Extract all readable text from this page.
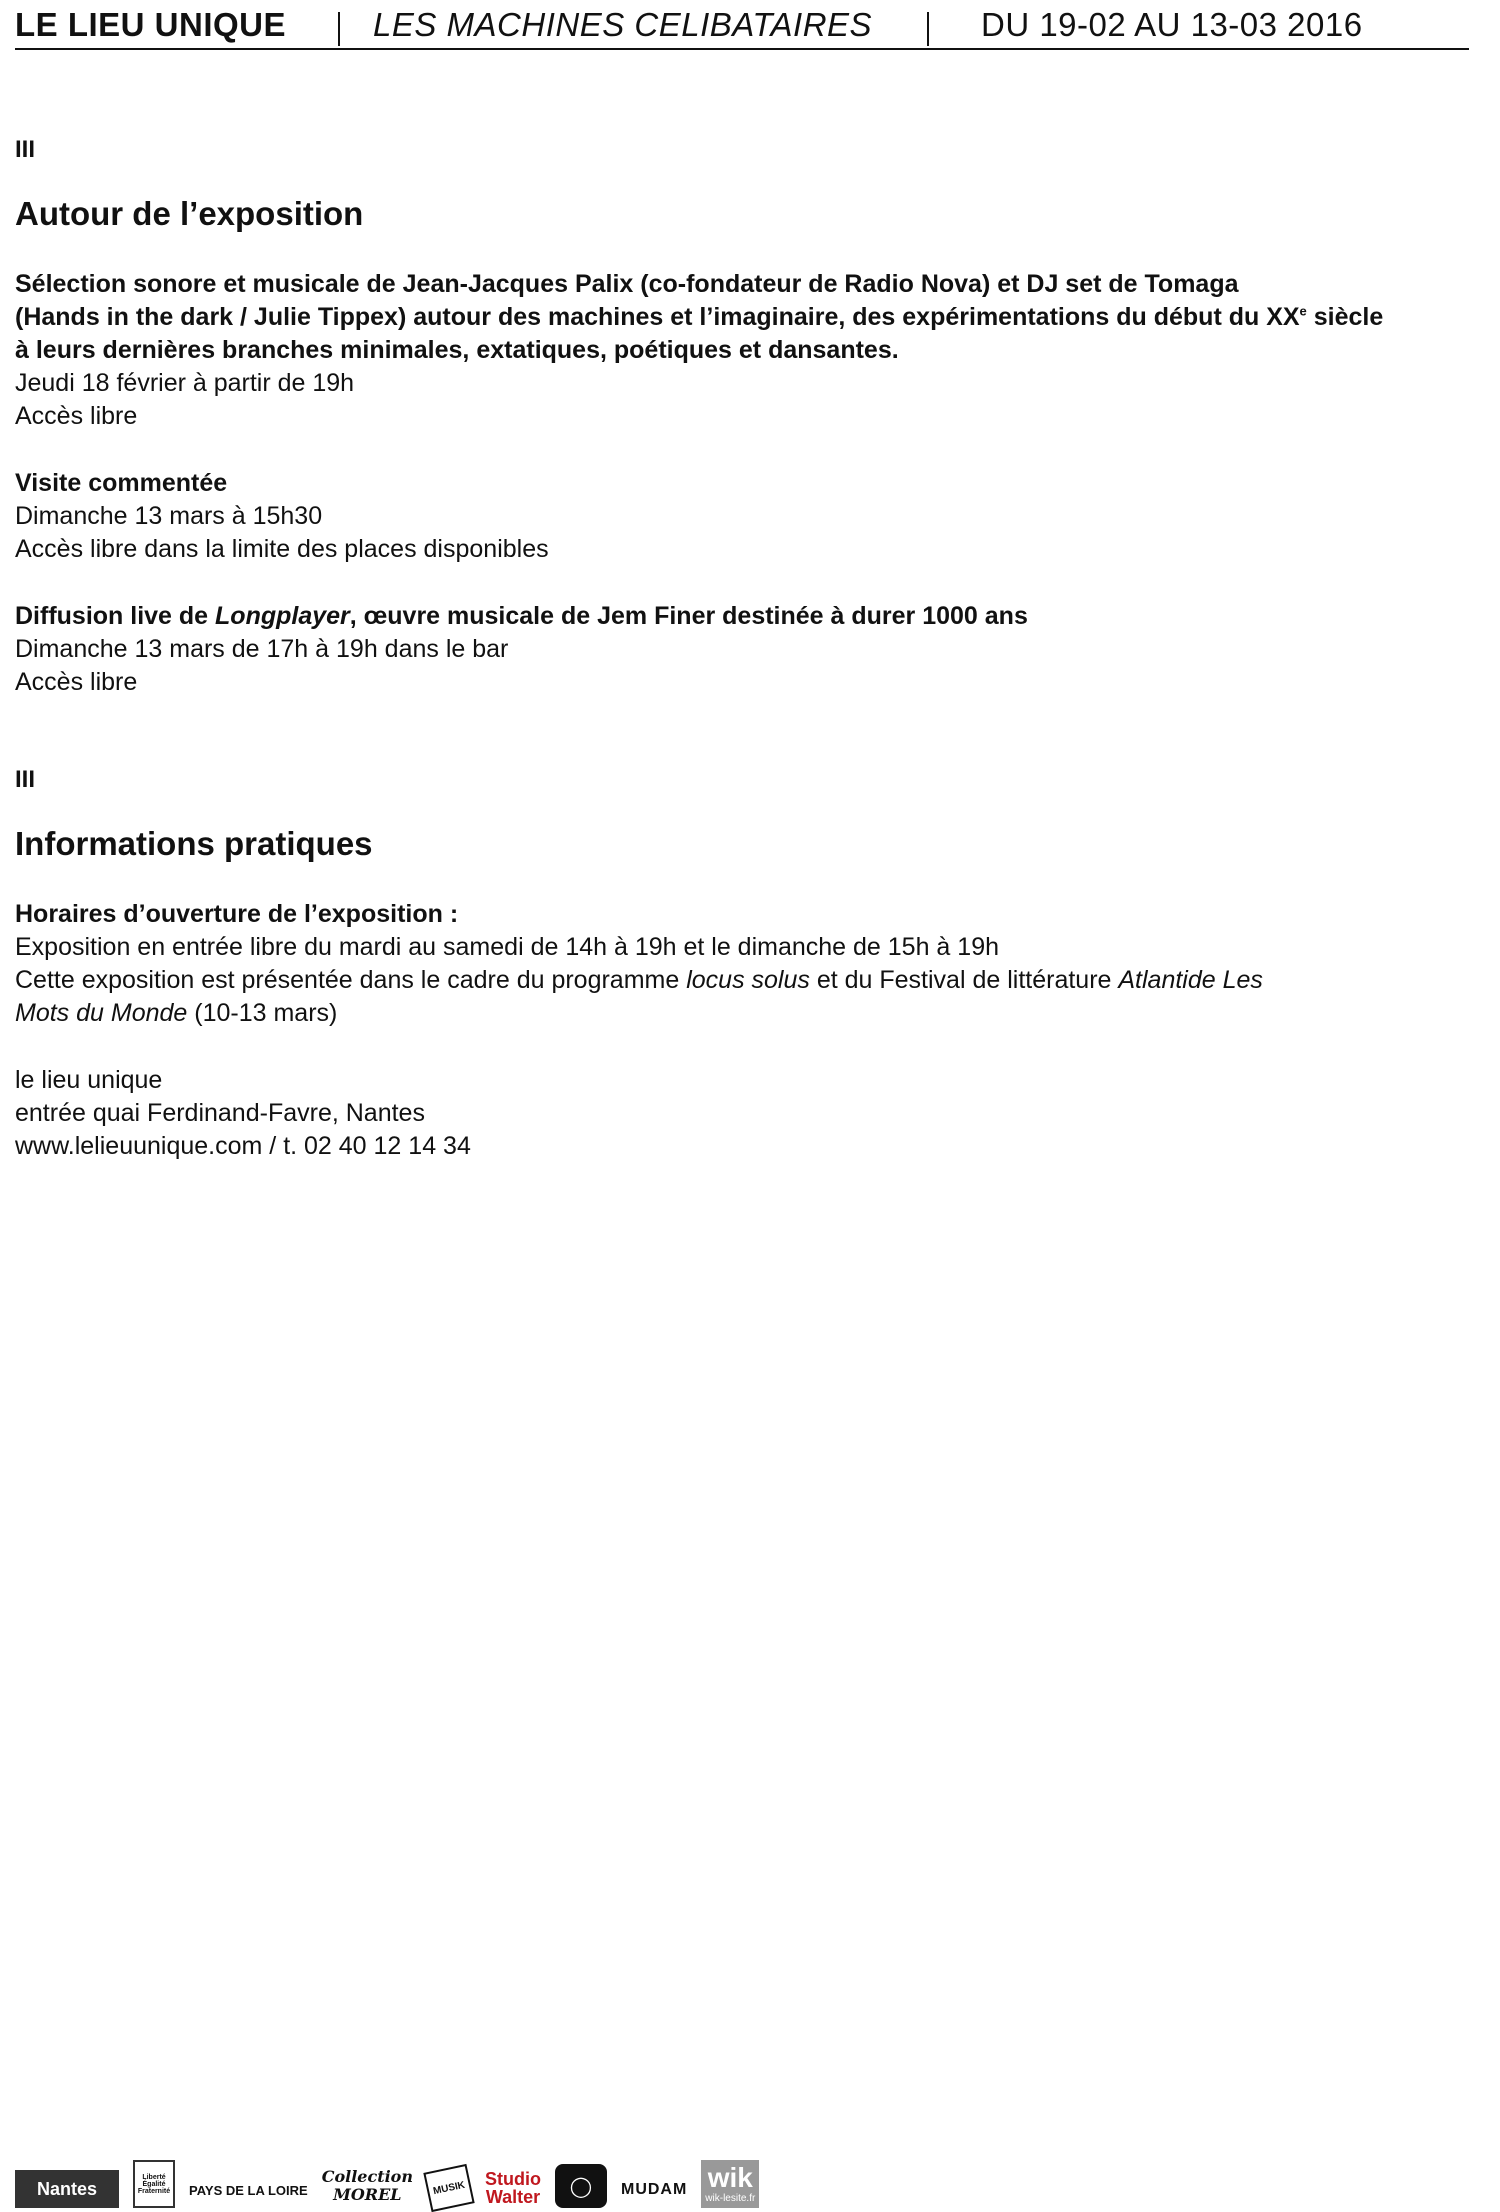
LE LIEU UNIQUE	LES MACHINES CELIBATAIRES	DU 19-02 AU 13-03 2016
III
Autour de l’exposition
Sélection sonore et musicale de Jean-Jacques Palix (co-fondateur de Radio Nova) et DJ set de Tomaga
(Hands in the dark / Julie Tippex) autour des machines et l’imaginaire, des expérimentations du début du XXe siècle
à leurs dernières branches minimales, extatiques, poétiques et dansantes.
Jeudi 18 février à partir de 19h
Accès libre
Visite commentée
Dimanche 13 mars à 15h30
Accès libre dans la limite des places disponibles
Diffusion live de Longplayer, œuvre musicale de Jem Finer destinée à durer 1000 ans
Dimanche 13 mars de 17h à 19h dans le bar
Accès libre
III
Informations pratiques
Horaires d’ouverture de l’exposition :
Exposition en entrée libre du mardi au samedi de 14h à 19h et le dimanche de 15h à 19h
Cette exposition est présentée dans le cadre du programme locus solus et du Festival de littérature Atlantide Les
Mots du Monde (10-13 mars)
le lieu unique
entrée quai Ferdinand-Favre, Nantes
www.lelieuunique.com / t. 02 40 12 14 34
Nantes
Liberté Égalité Fraternité	PAYS DE LA LOIRE
Collection
MOREL	MUSIK	Studio
Walter	◯	MUDAM wik
wik-lesite.fr
